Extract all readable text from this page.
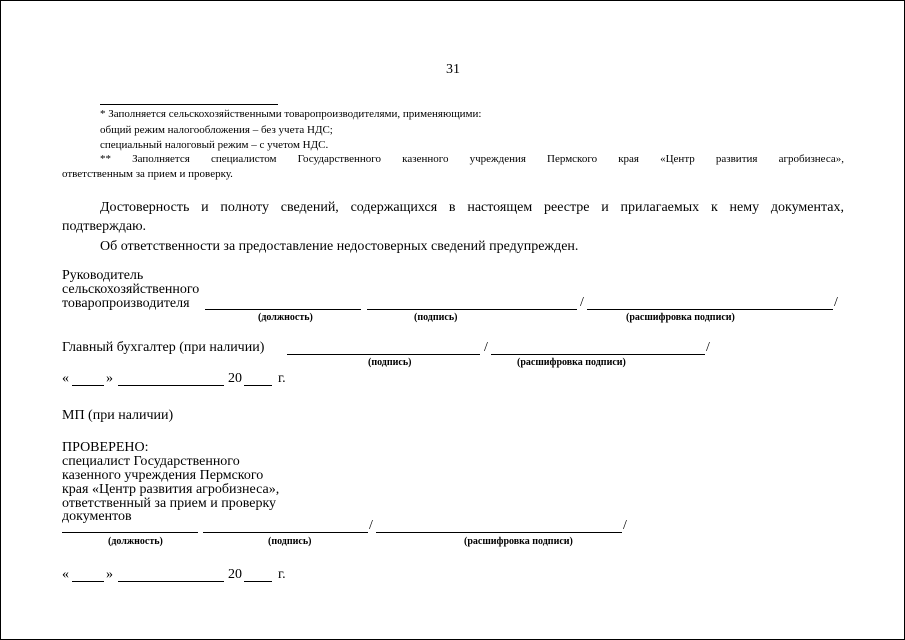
31
* Заполняется сельскохозяйственными товаропроизводителями, применяющими:
общий режим налогообложения – без учета НДС;
специальный налоговый режим – с учетом НДС.
** Заполняется специалистом Государственного казенного учреждения Пермского края «Центр развития агробизнеса»,
ответственным за прием и проверку.
Достоверность и полноту сведений, содержащихся в настоящем реестре и прилагаемых к нему документах,
подтверждаю.
Об ответственности за предоставление недостоверных сведений предупрежден.
Руководитель
сельскохозяйственного
товаропроизводителя	/	/
(должность)	(подпись)	(расшифровка подписи)
Главный бухгалтер (при наличии)	/	/
(подпись)	(расшифровка подписи)
«	»	20	г.
МП (при наличии)
ПРОВЕРЕНО:
специалист Государственного
казенного учреждения Пермского
края «Центр развития агробизнеса»,
ответственный за прием и проверку
документов
/	/
(должность)	(подпись)	(расшифровка подписи)
«	»	20	г.
